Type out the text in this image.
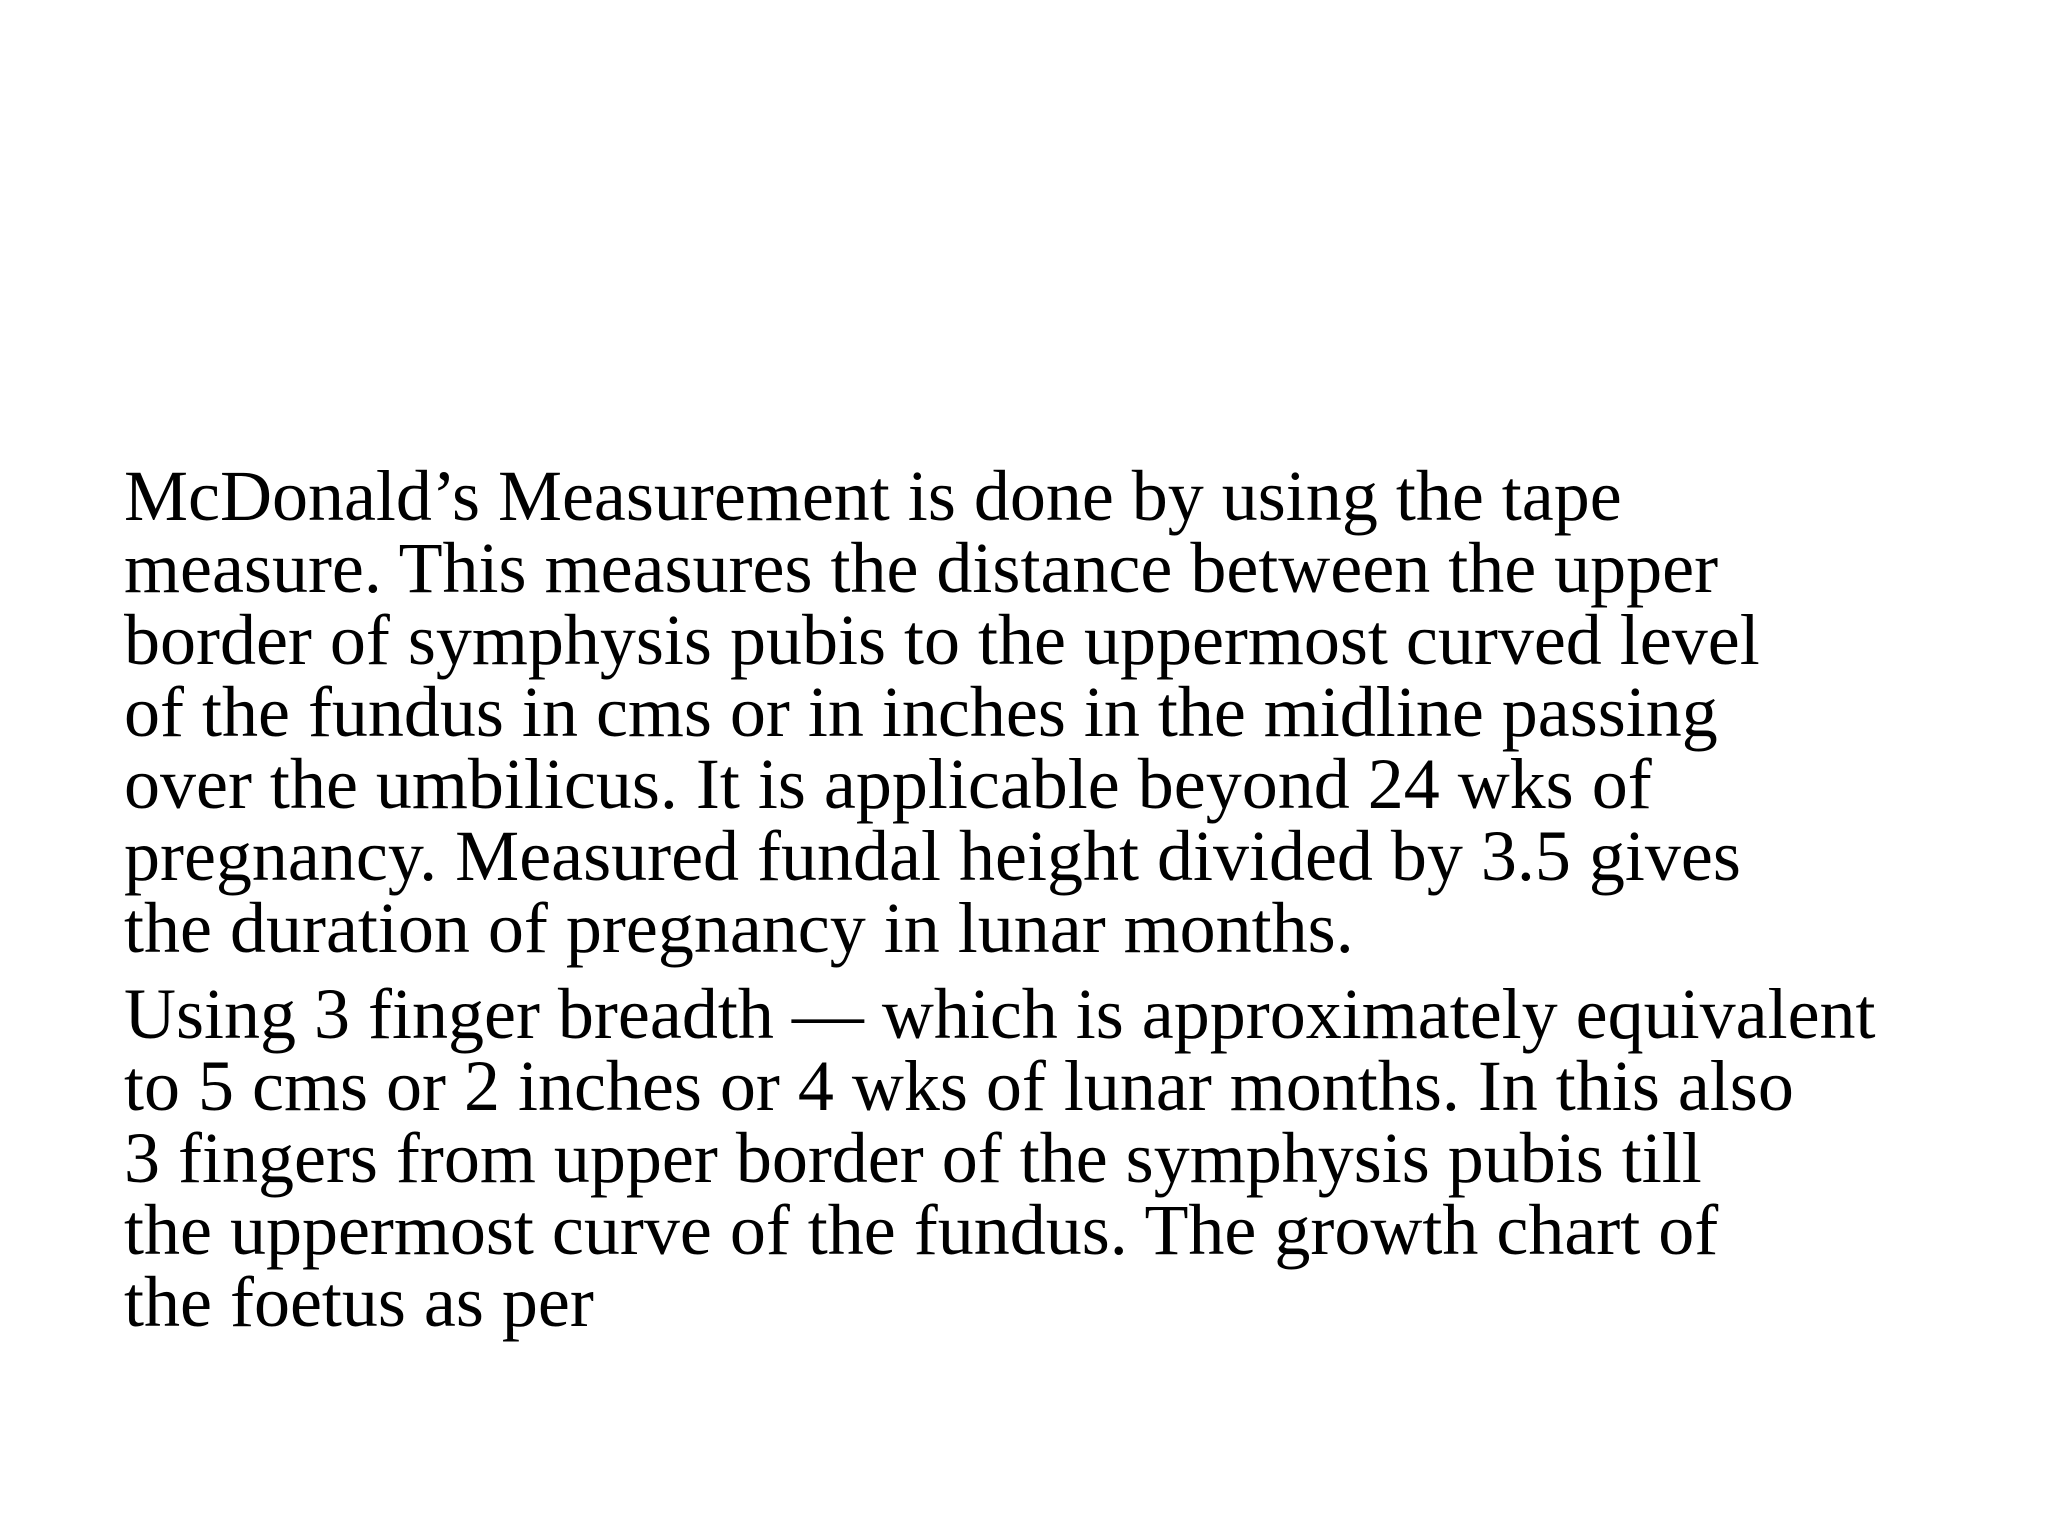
McDonald’s Measurement is done by using the tape
measure. This measures the distance between the upper
border of symphysis pubis to the uppermost curved level
of the fundus in cms or in inches in the midline passing
over the umbilicus. It is applicable beyond 24 wks of
pregnancy. Measured fundal height divided by 3.5 gives
the duration of pregnancy in lunar months.

Using 3 finger breadth — which is approximately equivalent
to 5 cms or 2 inches or 4 wks of lunar months. In this also
3 fingers from upper border of the symphysis pubis till
the uppermost curve of the fundus. The growth chart of
the foetus as per
